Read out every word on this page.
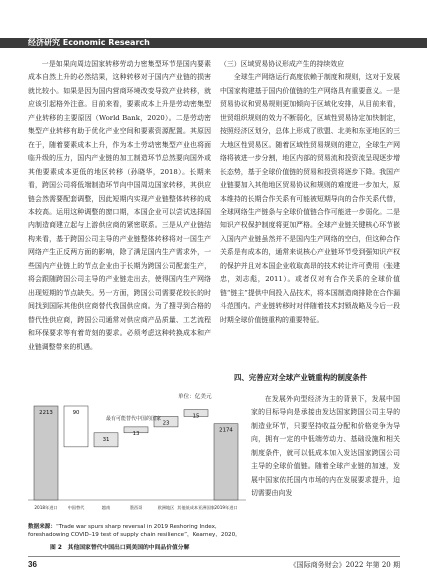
经济研究 Economic Research

一是如果向周边国家转移劳动力密集型环节是国内要素成本自然上升的必然结果，这种转移对于国内产业链的损害就比较小。如果是因为国内营商环境改变导致产业转移，就应该引起格外注意。目前来看，要素成本上升是劳动密集型产业转移的主要原因（World Bank，2020）。二是劳动密集型产业转移有助于优化产业空间和要素资源配置。其原因在于，随着要素成本上升，作为本土劳动密集型产业也将面临升级的压力，国内产业链的加工制造环节总然要向国外或其他要素成本更低的地区转移（孙晓华，2018）。长期来看，跨国公司将低端制造环节向中国周边国家转移，其供应链会然需要配套调整，因此短期内实现产业链整体转移的成本较高。运用这种调整的窗口期，本国企业可以尝试选择国内制造商建立起与上游供应商的紧密联系。三是从产业链结构来看，基于跨国公司主导的产业链整体转移将对一国生产网络产生正反两方面的影响，除了满足国内生产需求外，一些国内产业链上的节点企业由于长期为跨国公司配套生产，将会跟随跨国公司主导的产业链走出去，使得国内生产网络出现短期的节点缺失。另一方面，跨国公司需要花较长的时间找到国际其他供应商替代我国供应商。为了搜寻到合格的替代性供应商，跨国公司通常对供应商产品质量、工艺流程和环保要求等有着苛刻的要求。必须考虑这种转换成本和产业链调整带来的机遇。

（三）区域贸易协议形成产生的持续效应

全球生产网络运行高度依赖于制度和规则，这对于发展中国家构建基于国内价值链的生产网络具有重要意义。一是贸易协议和贸易规则更加倾向于区域化安排，从目前来看，世贸组织规则的效力不断弱化，区域性贸易协定加快制定，按照经济区划分，总体上形成了欧盟、北美和东亚地区的三大地区性贸易区。随着区域性贸易规则的建立，全球生产网络将被进一步分割，地区内部的贸易流和投资流呈现逐步增长态势，基于全球价值链的贸易和投资将逐步下降。我国产业链要加入其他地区贸易协议和规则的难度进一步加大，原本维持的长期合作关系有可能被短期导向的合作关系代替，全球网络生产链条与全球价值链合作可能进一步弱化。二是知识产权保护制度将更加严格。全球产业链关键核心环节嵌入国内产业链虽然并不是国内生产网络的空白，但这种合作关系是有成本的，通常来说核心产业链环节受到强知识产权的保护并且对本国企业收取高昂的技术转让许可费用（张建忠，刘志彪，2011）。或者仅对有合作关系的全球价值链“链主”提供中间投入品技术，将本国制造商排除在合作漏斗范围内。产业链转移时对伴随着技术封锁战略及今后一段时期全球价值链重构的重要特征。

四、完善应对全球产业链重构的制度条件

在发展外向型经济为主的背景下，发展中国家的目标导向是承接由发达国家跨国公司主导的制造业环节，只要坚持收益分配和价格竞争为导向，拥有一定的中低端劳动力、基础设施和相关制度条件，就可以低成本加入发达国家跨国公司主导的全球价值链。随着全球产业链的加速，发展中国家依托国内市场的内在发展要求提升，迫切需要由向发

单位：亿美元
2213
2018年进口
90
中国替代
31
越南
13
墨西哥
23
欧洲地区
15
其他低成本亚洲国家
2174
2019年进口
最有可能替代中国的国家
数据来源：“Trade war spurs sharp reversal in 2019 Reshoring Index, foreshadowing COVID–19 test of supply chain resilience”，Kearney，2020。
图 2　其他国家替代中国出口到美国的中间品价值分解
36	《国际商务财会》2022 年第 20 期
